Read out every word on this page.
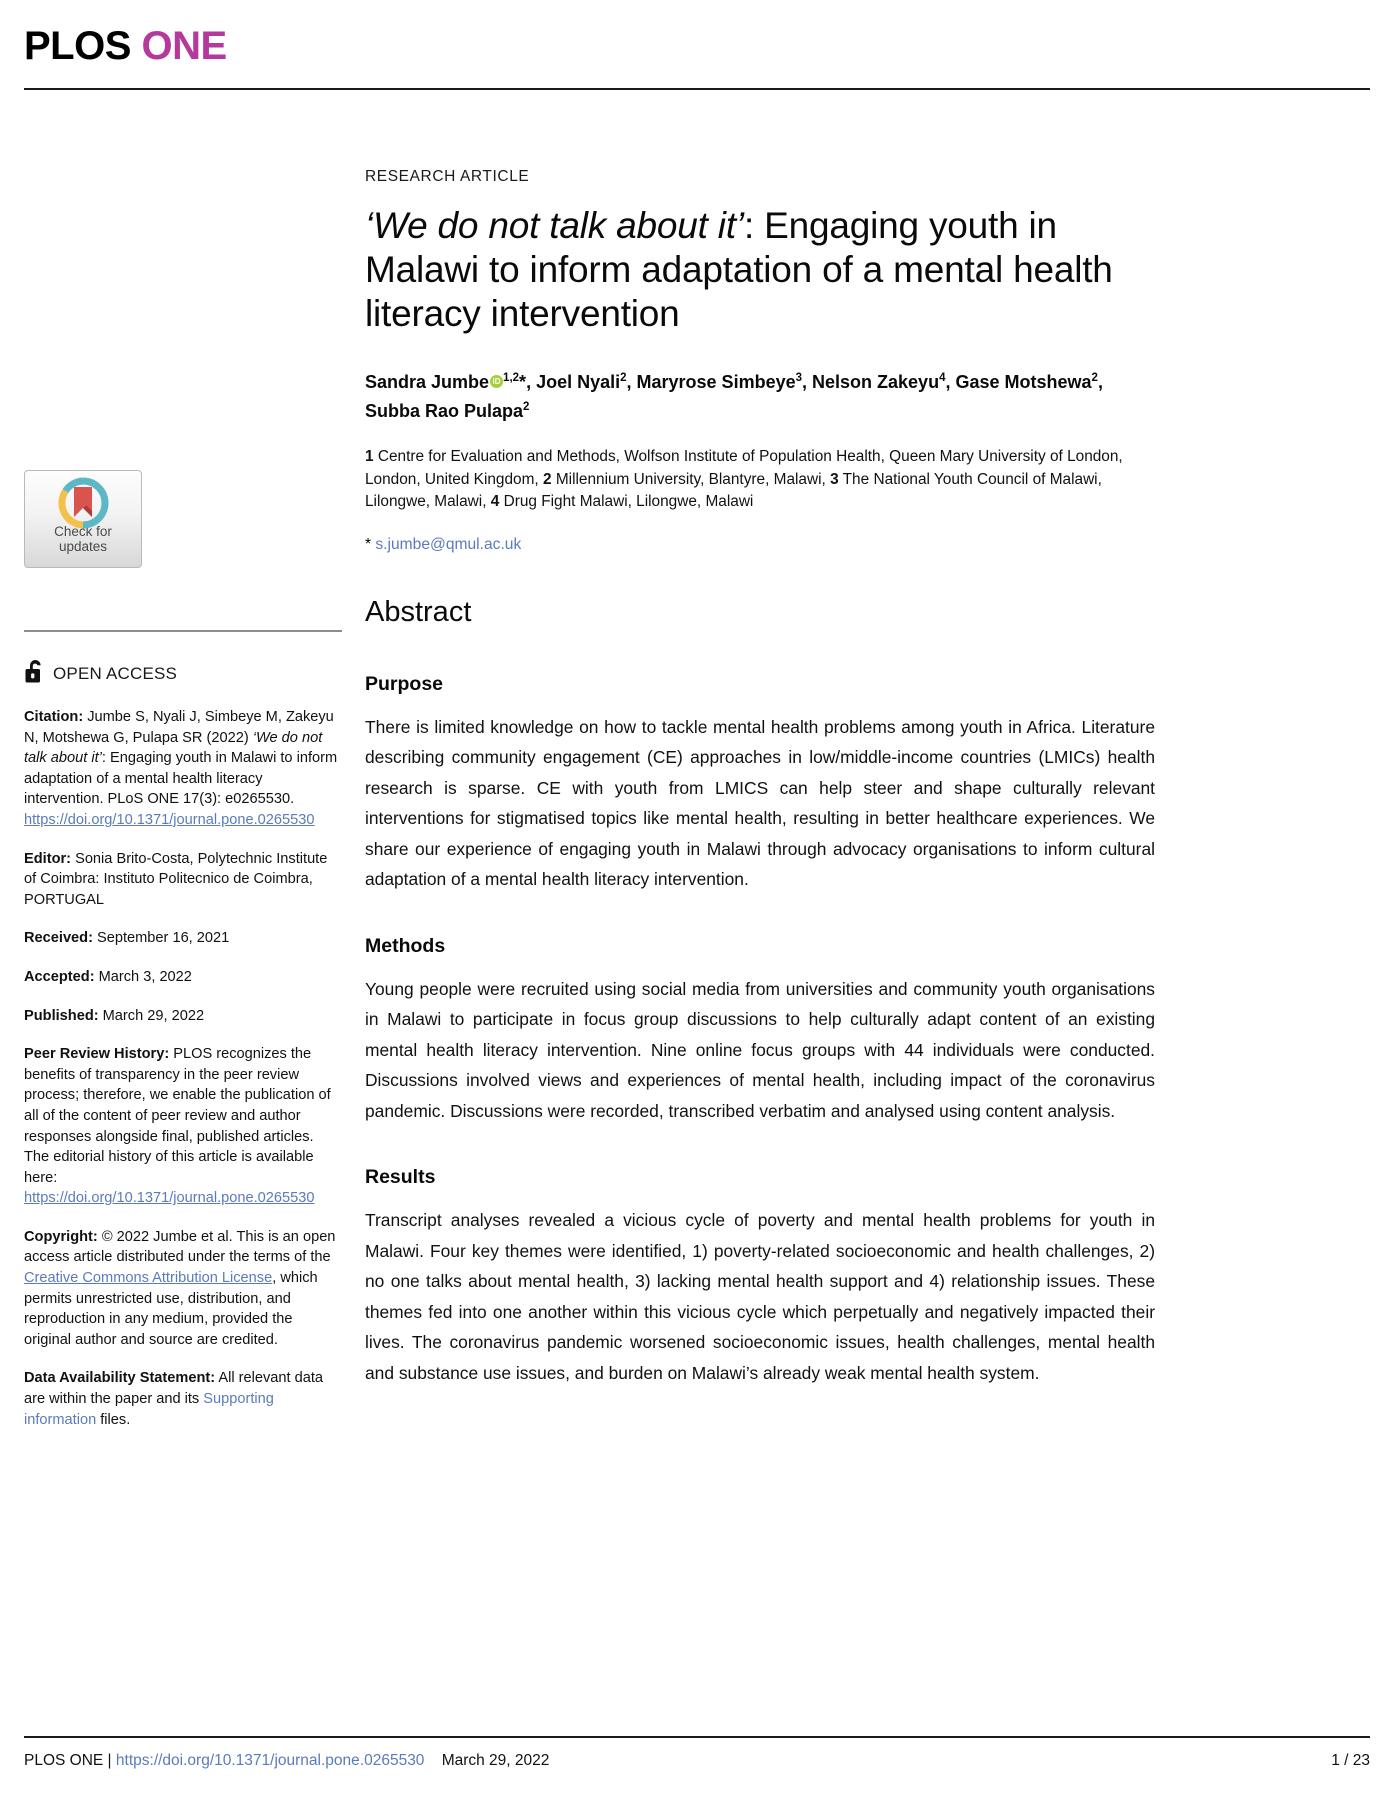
PLOS ONE
Check for
updates
OPEN ACCESS
Citation: Jumbe S, Nyali J, Simbeye M, Zakeyu N, Motshewa G, Pulapa SR (2022) ‘We do not talk about it’: Engaging youth in Malawi to inform adaptation of a mental health literacy intervention. PLoS ONE 17(3): e0265530. https://doi.org/10.1371/journal.pone.0265530
Editor: Sonia Brito-Costa, Polytechnic Institute of Coimbra: Instituto Politecnico de Coimbra, PORTUGAL
Received: September 16, 2021
Accepted: March 3, 2022
Published: March 29, 2022
Peer Review History: PLOS recognizes the benefits of transparency in the peer review process; therefore, we enable the publication of all of the content of peer review and author responses alongside final, published articles. The editorial history of this article is available here: https://doi.org/10.1371/journal.pone.0265530
Copyright: © 2022 Jumbe et al. This is an open access article distributed under the terms of the Creative Commons Attribution License, which permits unrestricted use, distribution, and reproduction in any medium, provided the original author and source are credited.
Data Availability Statement: All relevant data are within the paper and its Supporting information files.
RESEARCH ARTICLE
‘We do not talk about it’: Engaging youth in Malawi to inform adaptation of a mental health literacy intervention
Sandra Jumbe iD $^{1,2}$*, Joel Nyali$^2$, Maryrose Simbeye$^3$, Nelson Zakeyu$^4$, Gase Motshewa$^2$, Subba Rao Pulapa$^2$
1 Centre for Evaluation and Methods, Wolfson Institute of Population Health, Queen Mary University of London, London, United Kingdom, 2 Millennium University, Blantyre, Malawi, 3 The National Youth Council of Malawi, Lilongwe, Malawi, 4 Drug Fight Malawi, Lilongwe, Malawi
* s.jumbe@qmul.ac.uk
Abstract
Purpose

There is limited knowledge on how to tackle mental health problems among youth in Africa. Literature describing community engagement (CE) approaches in low/middle-income countries (LMICs) health research is sparse. CE with youth from LMICS can help steer and shape culturally relevant interventions for stigmatised topics like mental health, resulting in better healthcare experiences. We share our experience of engaging youth in Malawi through advocacy organisations to inform cultural adaptation of a mental health literacy intervention.

Methods

Young people were recruited using social media from universities and community youth organisations in Malawi to participate in focus group discussions to help culturally adapt content of an existing mental health literacy intervention. Nine online focus groups with 44 individuals were conducted. Discussions involved views and experiences of mental health, including impact of the coronavirus pandemic. Discussions were recorded, transcribed verbatim and analysed using content analysis.

Results

Transcript analyses revealed a vicious cycle of poverty and mental health problems for youth in Malawi. Four key themes were identified, 1) poverty-related socioeconomic and health challenges, 2) no one talks about mental health, 3) lacking mental health support and 4) relationship issues. These themes fed into one another within this vicious cycle which perpetually and negatively impacted their lives. The coronavirus pandemic worsened socioeconomic issues, health challenges, mental health and substance use issues, and burden on Malawi’s already weak mental health system.

PLOS ONE | https://doi.org/10.1371/journal.pone.0265530 March 29, 2022	1 / 23
